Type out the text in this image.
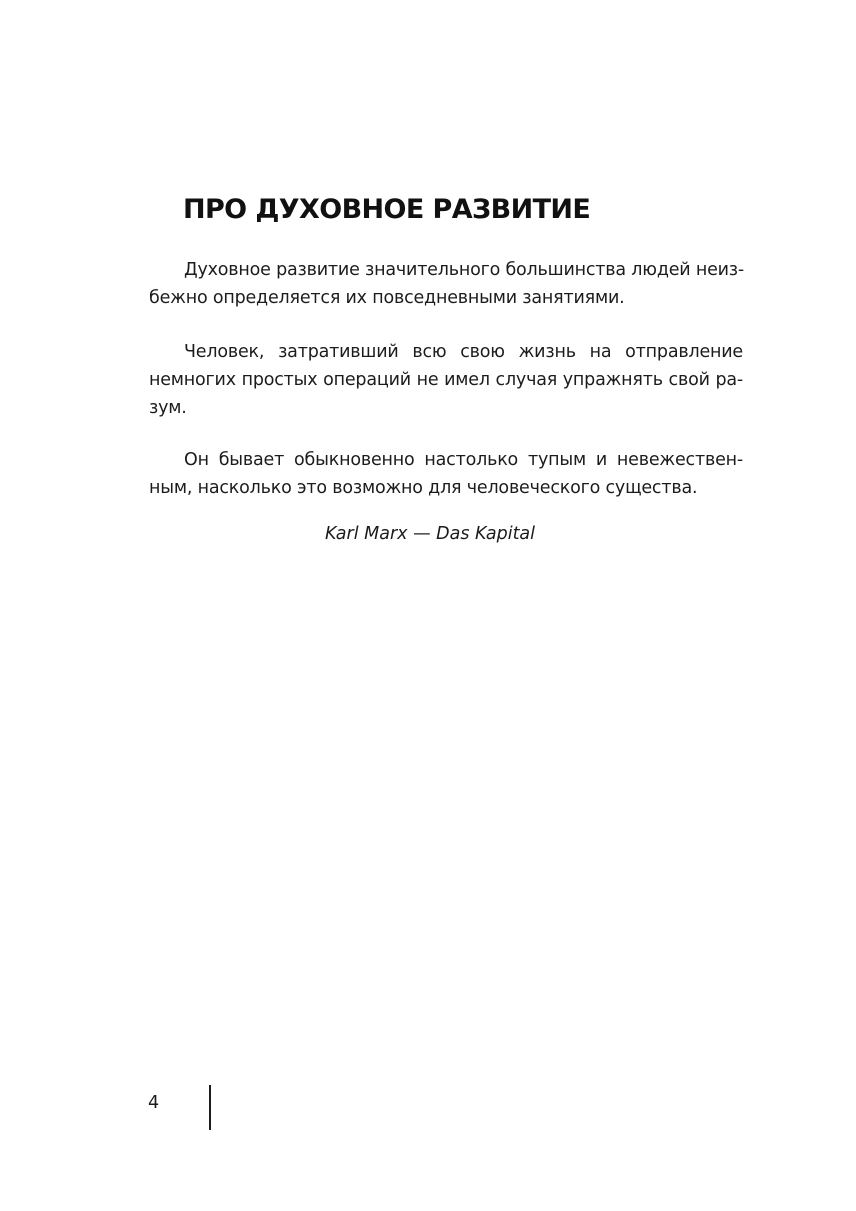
ПРО ДУХОВНОЕ РАЗВИТИЕ
Духовное развитие значительного большинства людей неиз-
бежно определяется их повседневными занятиями.
Человек, затративший всю свою жизнь на отправление
немногих простых операций не имел случая упражнять свой ра-
зум.
Он бывает обыкновенно настолько тупым и невежествен-
ным, насколько это возможно для человеческого существа.
Karl Marx — Das Kapital
4
